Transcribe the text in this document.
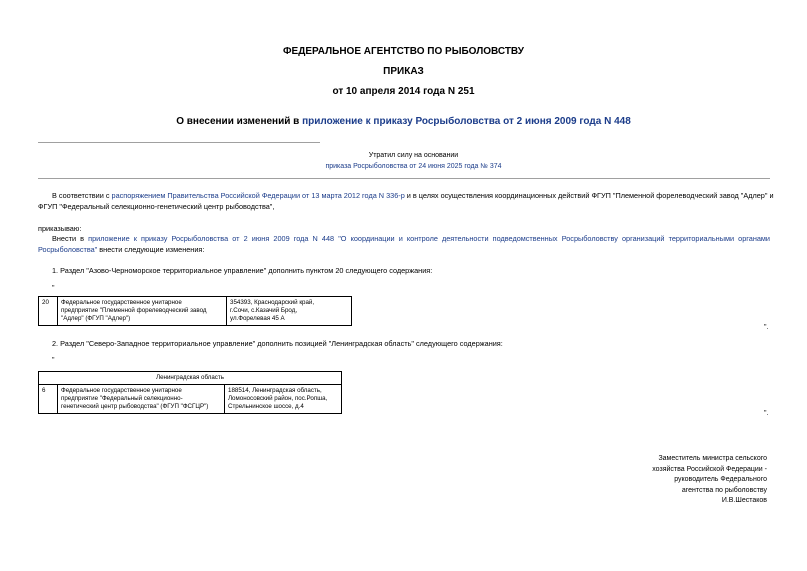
ФЕДЕРАЛЬНОЕ АГЕНТСТВО ПО РЫБОЛОВСТВУ
ПРИКАЗ
от 10 апреля 2014 года N 251
О внесении изменений в приложение к приказу Росрыболовства от 2 июня 2009 года N 448
Утратил силу на основании
приказа Росрыболовства от 24 июня 2025 года № 374
В соответствии с распоряжением Правительства Российской Федерации от 13 марта 2012 года N 336-р и в целях осуществления координационных действий ФГУП "Племенной форелеводческий завод "Адлер" и
ФГУП "Федеральный селекционно-генетический центр рыбоводства",
приказываю:
Внести в приложение к приказу Росрыболовства от 2 июня 2009 года N 448 "О координации и контроле деятельности подведомственных Росрыболовству организаций территориальными органами
Росрыболовства" внести следующие изменения:
1. Раздел "Азово-Черноморское территориальное управление" дополнить пунктом 20 следующего содержания:
"
20	Федеральное государственное унитарное
предприятие "Племенной форелеводческий завод
"Адлер" (ФГУП "Адлер")

354393, Краснодарский край,
г.Сочи, с.Казачий Брод,
ул.Форелевая 45 А
".
2. Раздел "Северо-Западное территориальное управление" дополнить позицией "Ленинградская область" следующего содержания:
"
Ленинградская область
6	Федеральное государственное унитарное
предприятие "Федеральный селекционно-
генетический центр рыбоводства" (ФГУП "ФСГЦР")

188514, Ленинградская область,
Ломоносовский район, пос.Ропша,
Стрельнинское шоссе, д.4
".
Заместитель министра сельского
хозяйства Российской Федерации -
руководитель Федерального
агентства по рыболовству
И.В.Шестаков
